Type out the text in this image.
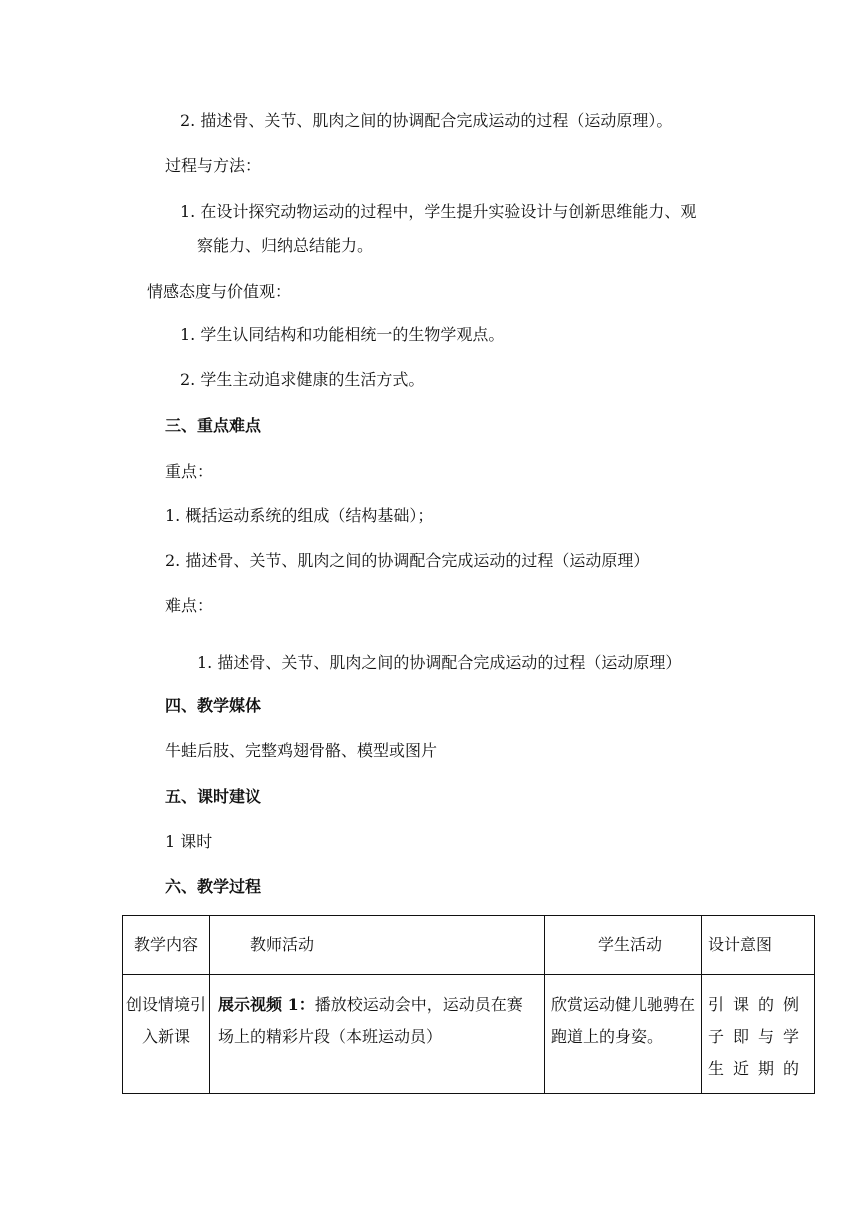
2. 描述骨、关节、肌肉之间的协调配合完成运动的过程（运动原理）。
过程与方法：
1. 在设计探究动物运动的过程中，学生提升实验设计与创新思维能力、观
察能力、归纳总结能力。
情感态度与价值观：
1. 学生认同结构和功能相统一的生物学观点。
2. 学生主动追求健康的生活方式。
三、重点难点
重点：
1. 概括运动系统的组成（结构基础）；
2. 描述骨、关节、肌肉之间的协调配合完成运动的过程（运动原理）
难点：
1. 描述骨、关节、肌肉之间的协调配合完成运动的过程（运动原理）
四、教学媒体
牛蛙后肢、完整鸡翅骨骼、模型或图片
五、课时建议
1 课时
六、教学过程
教学内容	教师活动	学生活动	设计意图
创设情境引入新课	展示视频 1：播放校运动会中，运动员在赛场上的精彩片段（本班运动员）	欣赏运动健儿驰骋在跑道上的身姿。	引课的例子即与学生近期的
